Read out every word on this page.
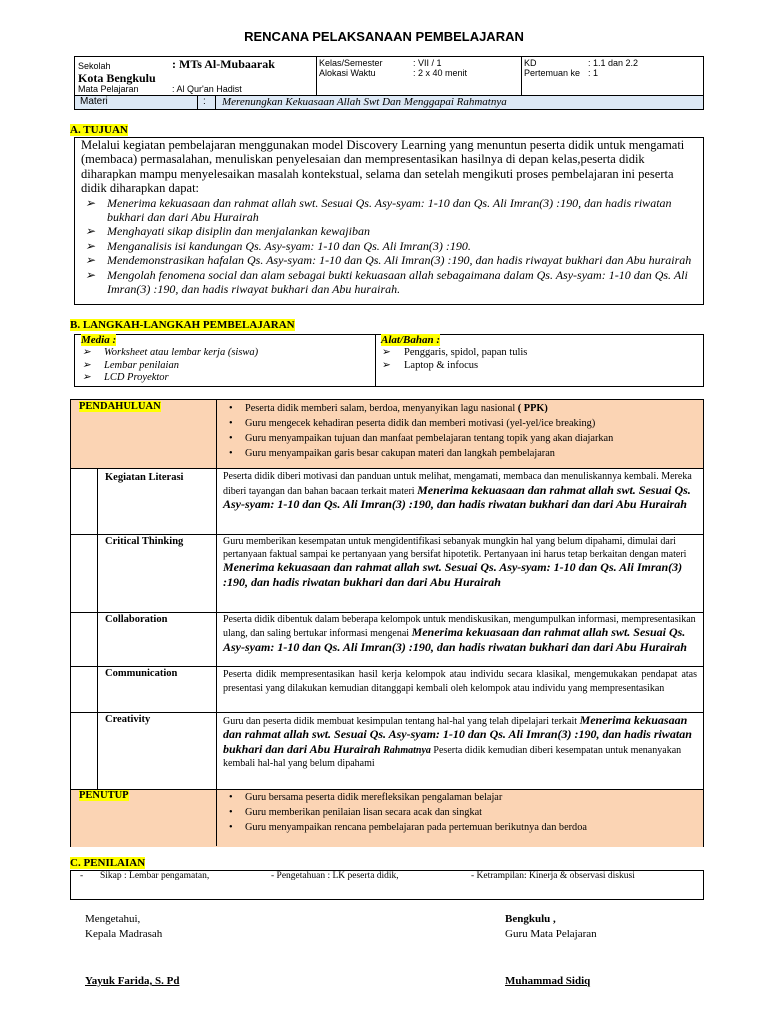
RENCANA PELAKSANAAN PEMBELAJARAN
Sekolah	: MTs Al-Mubaarak
Kota Bengkulu
Mata Pelajaran	: Al Qur'an Hadist
Kelas/Semester	: VII / 1
Alokasi Waktu	: 2 x 40 menit
KD	: 1.1 dan 2.2
Pertemuan ke : 1
Materi	: Merenungkan Kekuasaan Allah Swt Dan Menggapai Rahmatnya
A. TUJUAN
Melalui kegiatan pembelajaran menggunakan model Discovery Learning yang menuntun peserta didik untuk mengamati (membaca) permasalahan, menuliskan penyelesaian dan mempresentasikan hasilnya di depan kelas,peserta didik diharapkan mampu menyelesaikan masalah kontekstual, selama dan setelah mengikuti proses pembelajaran ini peserta didik diharapkan dapat:
➢ Menerima kekuasaan dan rahmat allah swt. Sesuai Qs. Asy-syam: 1-10 dan Qs. Ali Imran(3) :190, dan hadis riwatan bukhari dan dari Abu Hurairah
➢ Menghayati sikap disiplin dan menjalankan kewajiban
➢ Menganalisis isi kandungan Qs. Asy-syam: 1-10 dan Qs. Ali Imran(3) :190.
➢ Mendemonstrasikan hafalan Qs. Asy-syam: 1-10 dan Qs. Ali Imran(3) :190, dan hadis riwayat bukhari dan Abu hurairah
➢ Mengolah fenomena social dan alam sebagai bukti kekuasaan allah sebagaimana dalam Qs. Asy-syam: 1-10 dan Qs. Ali Imran(3) :190, dan hadis riwayat bukhari dan Abu hurairah.
B. LANGKAH-LANGKAH PEMBELAJARAN
Media :
➢ Worksheet atau lembar kerja (siswa)
➢ Lembar penilaian
➢ LCD Proyektor
Alat/Bahan :
➢ Penggaris, spidol, papan tulis
➢ Laptop & infocus
PENDAHULUAN	• Peserta didik memberi salam, berdoa, menyanyikan lagu nasional ( PPK)
• Guru mengecek kehadiran peserta didik dan memberi motivasi (yel-yel/ice breaking)
• Guru menyampaikan tujuan dan manfaat pembelajaran tentang topik yang akan diajarkan
• Guru menyampaikan garis besar cakupan materi dan langkah pembelajaran
Kegiatan Literasi	Peserta didik diberi motivasi dan panduan untuk melihat, mengamati, membaca dan menuliskannya kembali. Mereka diberi tayangan dan bahan bacaan terkait materi Menerima kekuasaan dan rahmat allah swt. Sesuai Qs. Asy-syam: 1-10 dan Qs. Ali Imran(3) :190, dan hadis riwatan bukhari dan dari Abu Hurairah
Critical Thinking	Guru memberikan kesempatan untuk mengidentifikasi sebanyak mungkin hal yang belum dipahami, dimulai dari pertanyaan faktual sampai ke pertanyaan yang bersifat hipotetik. Pertanyaan ini harus tetap berkaitan dengan materi Menerima kekuasaan dan rahmat allah swt. Sesuai Qs. Asy-syam: 1-10 dan Qs. Ali Imran(3) :190, dan hadis riwatan bukhari dan dari Abu Hurairah
Collaboration	Peserta didik dibentuk dalam beberapa kelompok untuk mendiskusikan, mengumpulkan informasi, mempresentasikan ulang, dan saling bertukar informasi mengenai Menerima kekuasaan dan rahmat allah swt. Sesuai Qs. Asy-syam: 1-10 dan Qs. Ali Imran(3) :190, dan hadis riwatan bukhari dan dari Abu Hurairah
Communication	Peserta didik mempresentasikan hasil kerja kelompok atau individu secara klasikal, mengemukakan pendapat atas presentasi yang dilakukan kemudian ditanggapi kembali oleh kelompok atau individu yang mempresentasikan
Creativity	Guru dan peserta didik membuat kesimpulan tentang hal-hal yang telah dipelajari terkait Menerima kekuasaan dan rahmat allah swt. Sesuai Qs. Asy-syam: 1-10 dan Qs. Ali Imran(3) :190, dan hadis riwatan bukhari dan dari Abu Hurairah Rahmatnya Peserta didik kemudian diberi kesempatan untuk menanyakan kembali hal-hal yang belum dipahami
PENUTUP	• Guru bersama peserta didik merefleksikan pengalaman belajar
• Guru memberikan penilaian lisan secara acak dan singkat
• Guru menyampaikan rencana pembelajaran pada pertemuan berikutnya dan berdoa
C. PENILAIAN
- Sikap : Lembar pengamatan,	- Pengetahuan : LK peserta didik,	- Ketrampilan: Kinerja & observasi diskusi
Mengetahui,
Kepala Madrasah
Yayuk Farida, S. Pd
Bengkulu ,
Guru Mata Pelajaran
Muhammad Sidiq
